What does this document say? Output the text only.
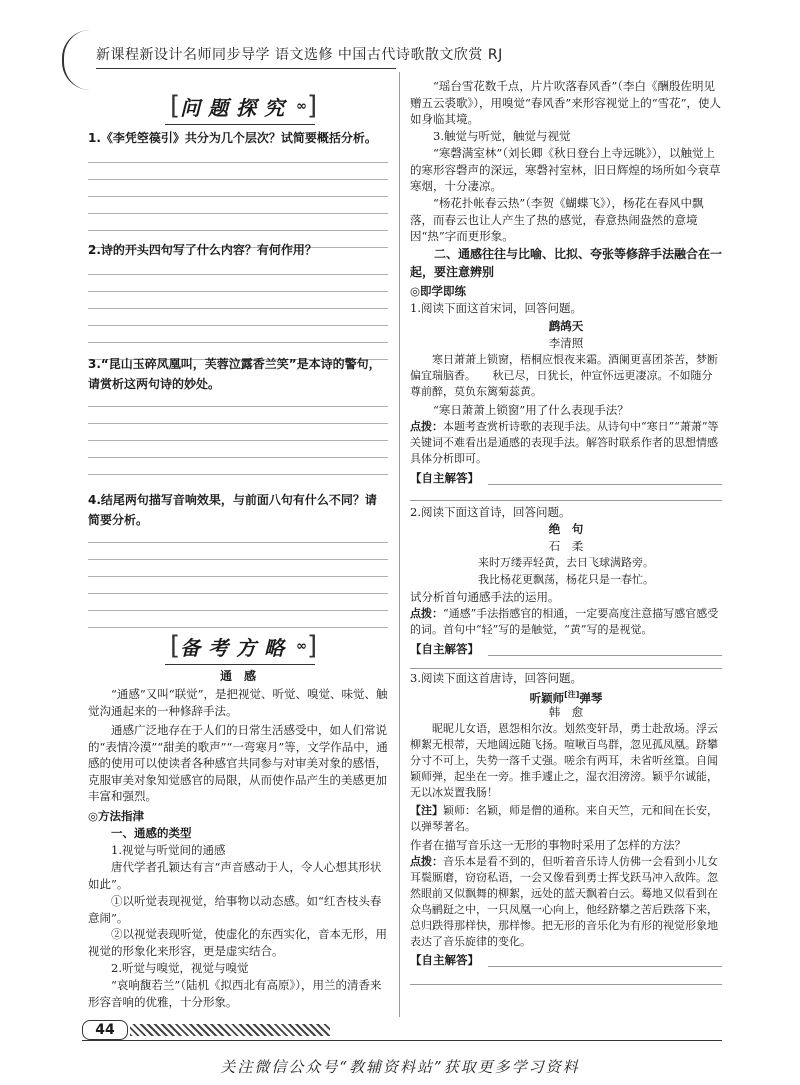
新课程新设计名师同步导学 语文选修 中国古代诗歌散文欣赏 RJ
[ 问题探究 ∞ ]
1.《李凭箜篌引》共分为几个层次？试简要概括分析。
2.诗的开头四句写了什么内容？有何作用？
3.“昆山玉碎凤凰叫，芙蓉泣露香兰笑”是本诗的警句，请赏析这两句诗的妙处。
4.结尾两句描写音响效果，与前面八句有什么不同？请简要分析。
[ 备考方略 ∞ ]
通　感
“通感”又叫“联觉”，是把视觉、听觉、嗅觉、味觉、触觉沟通起来的一种修辞手法。
通感广泛地存在于人们的日常生活感受中，如人们常说的“表情冷漠”“甜美的歌声”“一弯寒月”等，文学作品中，通感的使用可以使读者各种感官共同参与对审美对象的感悟，克服审美对象知觉感官的局限，从而使作品产生的美感更加丰富和强烈。
◎方法指津
一、通感的类型
1.视觉与听觉间的通感
唐代学者孔颖达有言“声音感动于人，令人心想其形状如此”。
①以听觉表现视觉，给事物以动态感。如“红杏枝头春意闹”。
②以视觉表现听觉，使虚化的东西实化，音本无形，用视觉的形象化来形容，更是虚实结合。
2.听觉与嗅觉，视觉与嗅觉
“哀响馥若兰”（陆机《拟西北有高原》），用兰的清香来形容音响的优雅，十分形象。
“瑶台雪花数千点，片片吹落春风香”（李白《酬殷佐明见赠五云裘歌》），用嗅觉“春风香”来形容视觉上的“雪花”，使人如身临其境。
3.触觉与听觉，触觉与视觉
“寒磬满室林”（刘长卿《秋日登台上寺远眺》），以触觉上的寒形容磬声的深远，寒磬衬室林，旧日辉煌的场所如今衰草寒烟，十分凄凉。
“杨花扑帐春云热”（李贺《蝴蝶飞》），杨花在春风中飘落，而春云也让人产生了热的感觉，春意热闹盎然的意境因“热”字而更形象。
二、通感往往与比喻、比拟、夸张等修辞手法融合在一起，要注意辨别
◎即学即练
1.阅读下面这首宋词，回答问题。
鹧鸪天
李清照
寒日萧萧上锁窗，梧桐应恨夜来霜。酒阑更喜团茶苦，梦断偏宜瑞脑香。　　秋已尽，日犹长，仲宣怀远更凄凉。不如随分尊前醉，莫负东篱菊蕊黄。
“寒日萧萧上锁窗”用了什么表现手法？
点拨：本题考查赏析诗歌的表现手法。从诗句中“寒日”“萧萧”等关键词不难看出是通感的表现手法。解答时联系作者的思想情感具体分析即可。
【自主解答】
2.阅读下面这首诗，回答问题。
绝　句
石　柔
来时万缕弄轻黄，去日飞球满路旁。
我比杨花更飘荡，杨花只是一春忙。
试分析首句通感手法的运用。
点拨：“通感”手法指感官的相通，一定要高度注意描写感官感受的词。首句中“轻”写的是触觉，“黄”写的是视觉。
【自主解答】
3.阅读下面这首唐诗，回答问题。
听颖师[注]弹琴
韩　愈
昵昵儿女语，恩怨相尔汝。划然变轩昂，勇士赴敌场。浮云柳絮无根蒂，天地阔远随飞扬。喧啾百鸟群，忽见孤凤凰。跻攀分寸不可上，失势一落千丈强。嗟余有两耳，未省听丝篁。自闻颖师弹，起坐在一旁。推手遽止之，湿衣泪滂滂。颖乎尔诚能，无以冰炭置我肠！
【注】颖师：名颖，师是僧的通称。来自天竺，元和间在长安，以弹琴著名。
作者在描写音乐这一无形的事物时采用了怎样的方法？
点拨：音乐本是看不到的，但听着音乐诗人仿佛一会看到小儿女耳鬓厮磨，窃窃私语，一会又像看到勇士挥戈跃马冲入敌阵。忽然眼前又似飘舞的柳絮，远处的蓝天飘着白云。蓦地又似看到在众鸟鹂跹之中，一只凤凰一心向上，他经跻攀之苦后跌落下来，总归跌得那样快，那样惨。把无形的音乐化为有形的视觉形象地表达了音乐旋律的变化。
【自主解答】
44
关注微信公众号“教辅资料站”获取更多学习资料
